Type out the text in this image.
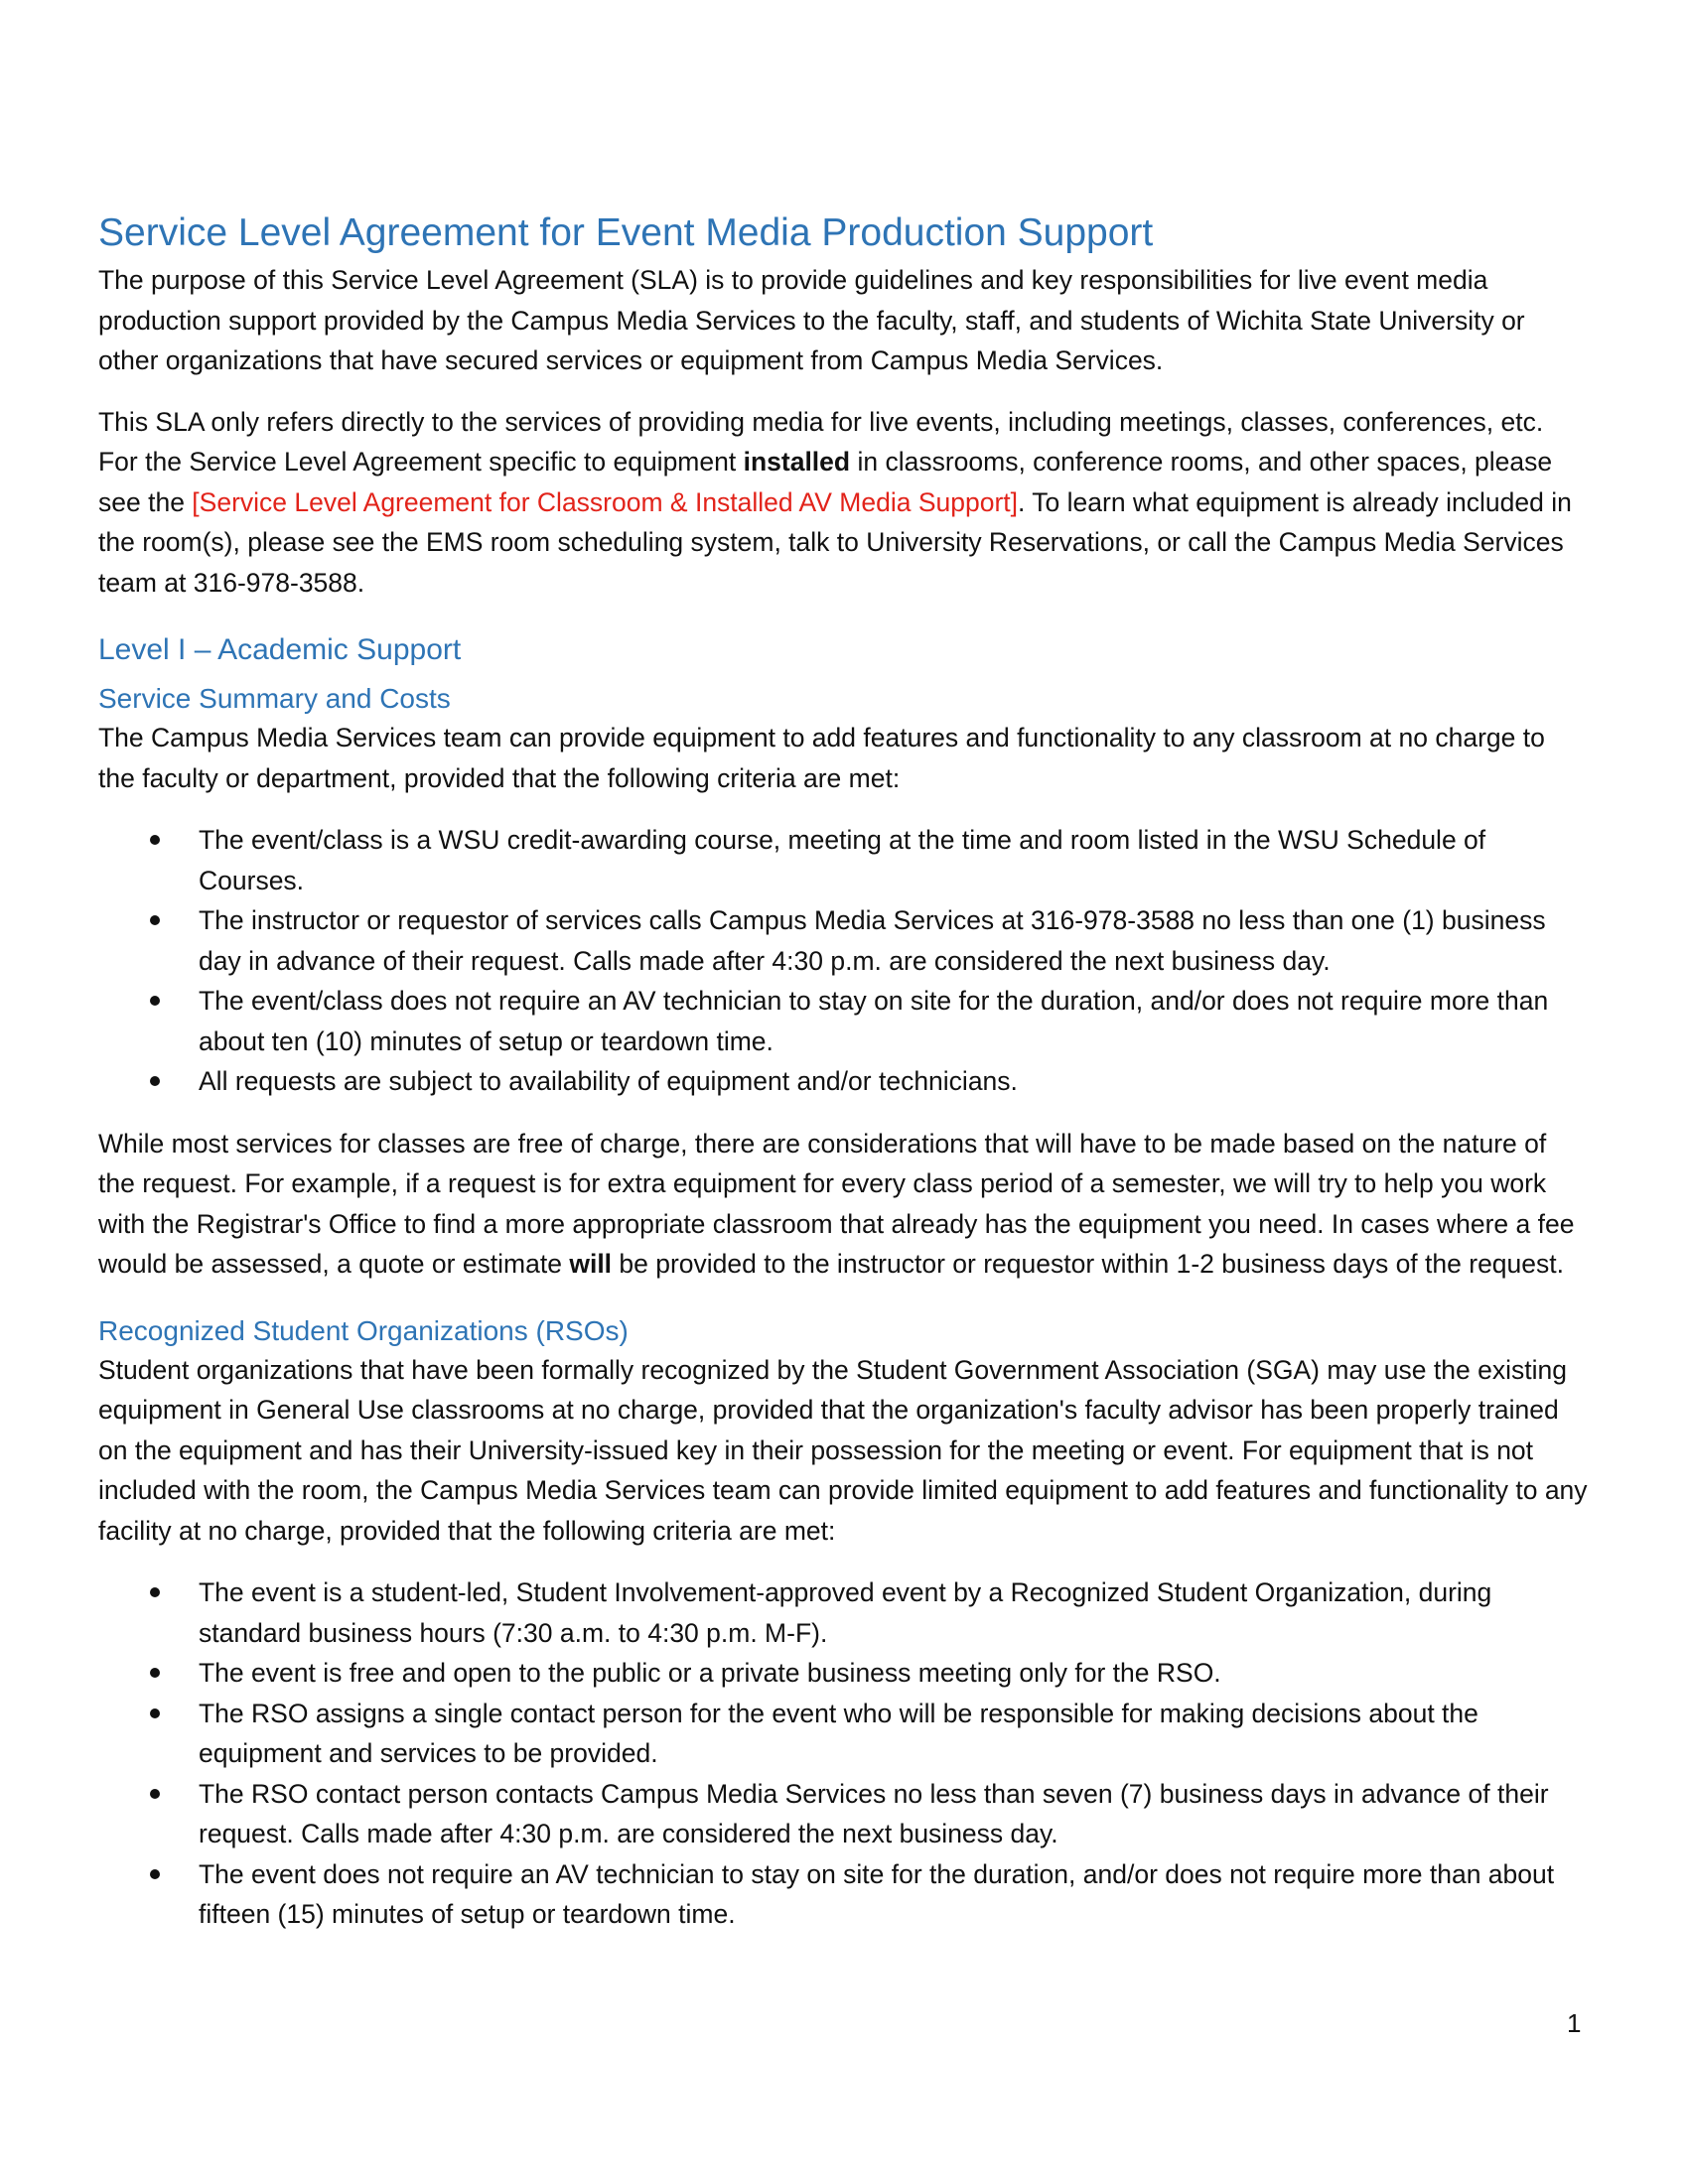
Service Level Agreement for Event Media Production Support

The purpose of this Service Level Agreement (SLA) is to provide guidelines and key responsibilities for live event media production support provided by the Campus Media Services to the faculty, staff, and students of Wichita State University or other organizations that have secured services or equipment from Campus Media Services.

This SLA only refers directly to the services of providing media for live events, including meetings, classes, conferences, etc. For the Service Level Agreement specific to equipment installed in classrooms, conference rooms, and other spaces, please see the [Service Level Agreement for Classroom & Installed AV Media Support]. To learn what equipment is already included in the room(s), please see the EMS room scheduling system, talk to University Reservations, or call the Campus Media Services team at 316-978-3588.

Level I – Academic Support
Service Summary and Costs

The Campus Media Services team can provide equipment to add features and functionality to any classroom at no charge to the faculty or department, provided that the following criteria are met:

The event/class is a WSU credit-awarding course, meeting at the time and room listed in the WSU Schedule of Courses.
The instructor or requestor of services calls Campus Media Services at 316-978-3588 no less than one (1) business day in advance of their request. Calls made after 4:30 p.m. are considered the next business day.
The event/class does not require an AV technician to stay on site for the duration, and/or does not require more than about ten (10) minutes of setup or teardown time.
All requests are subject to availability of equipment and/or technicians.

While most services for classes are free of charge, there are considerations that will have to be made based on the nature of the request. For example, if a request is for extra equipment for every class period of a semester, we will try to help you work with the Registrar's Office to find a more appropriate classroom that already has the equipment you need. In cases where a fee would be assessed, a quote or estimate will be provided to the instructor or requestor within 1-2 business days of the request.

Recognized Student Organizations (RSOs)

Student organizations that have been formally recognized by the Student Government Association (SGA) may use the existing equipment in General Use classrooms at no charge, provided that the organization's faculty advisor has been properly trained on the equipment and has their University-issued key in their possession for the meeting or event. For equipment that is not included with the room, the Campus Media Services team can provide limited equipment to add features and functionality to any facility at no charge, provided that the following criteria are met:

The event is a student-led, Student Involvement-approved event by a Recognized Student Organization, during standard business hours (7:30 a.m. to 4:30 p.m. M-F).
The event is free and open to the public or a private business meeting only for the RSO.
The RSO assigns a single contact person for the event who will be responsible for making decisions about the equipment and services to be provided.
The RSO contact person contacts Campus Media Services no less than seven (7) business days in advance of their request. Calls made after 4:30 p.m. are considered the next business day.
The event does not require an AV technician to stay on site for the duration, and/or does not require more than about fifteen (15) minutes of setup or teardown time.
1
